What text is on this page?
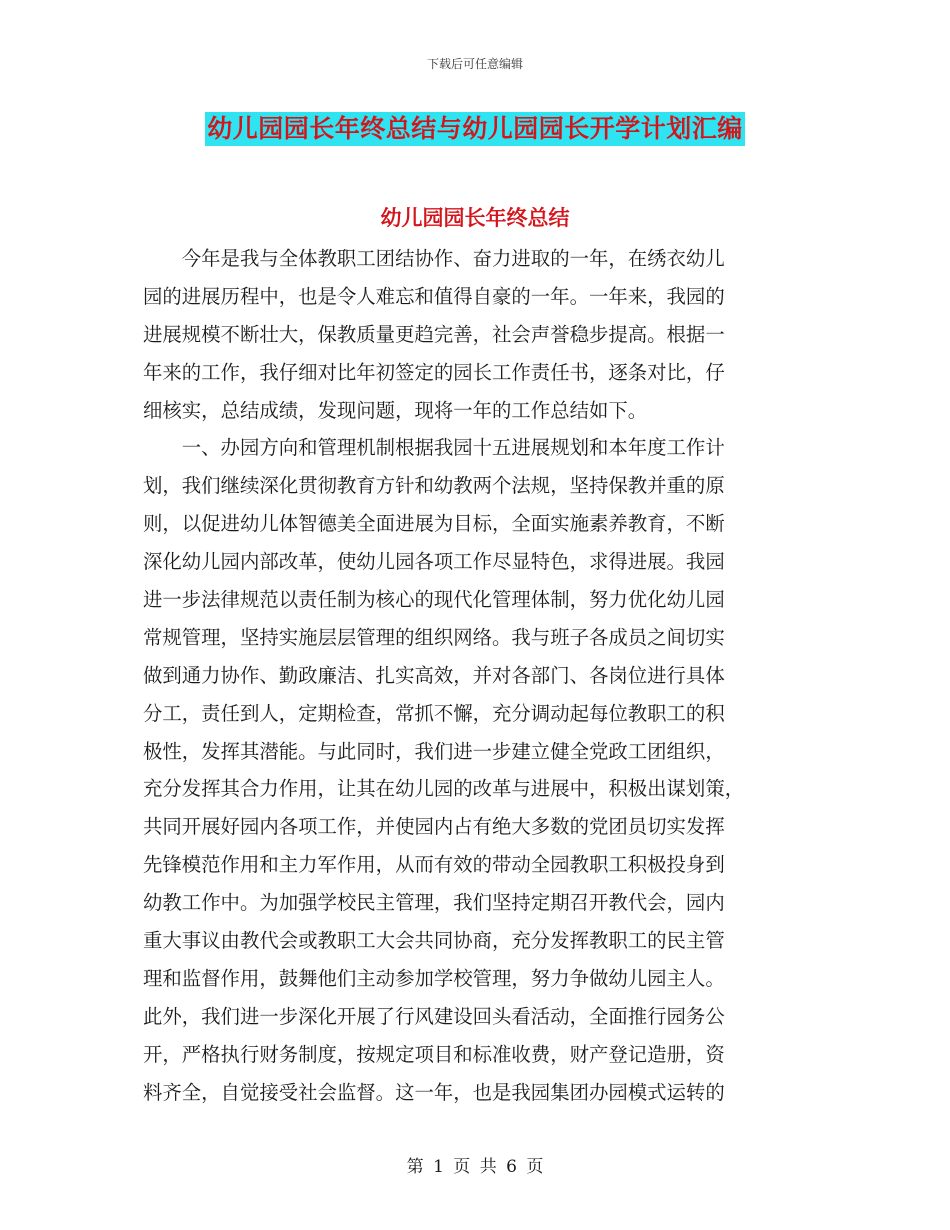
下载后可任意编辑
幼儿园园长年终总结与幼儿园园长开学计划汇编
幼儿园园长年终总结
　　今年是我与全体教职工团结协作、奋力进取的一年，在绣衣幼儿
园的进展历程中，也是令人难忘和值得自豪的一年。一年来，我园的
进展规模不断壮大，保教质量更趋完善，社会声誉稳步提高。根据一
年来的工作，我仔细对比年初签定的园长工作责任书，逐条对比，仔
细核实，总结成绩，发现问题，现将一年的工作总结如下。
　　一、办园方向和管理机制根据我园十五进展规划和本年度工作计
划，我们继续深化贯彻教育方针和幼教两个法规，坚持保教并重的原
则，以促进幼儿体智德美全面进展为目标，全面实施素养教育，不断
深化幼儿园内部改革，使幼儿园各项工作尽显特色，求得进展。我园
进一步法律规范以责任制为核心的现代化管理体制，努力优化幼儿园
常规管理，坚持实施层层管理的组织网络。我与班子各成员之间切实
做到通力协作、勤政廉洁、扎实高效，并对各部门、各岗位进行具体
分工，责任到人，定期检查，常抓不懈，充分调动起每位教职工的积
极性，发挥其潜能。与此同时，我们进一步建立健全党政工团组织，
充分发挥其合力作用，让其在幼儿园的改革与进展中，积极出谋划策，
共同开展好园内各项工作，并使园内占有绝大多数的党团员切实发挥
先锋模范作用和主力军作用，从而有效的带动全园教职工积极投身到
幼教工作中。为加强学校民主管理，我们坚持定期召开教代会，园内
重大事议由教代会或教职工大会共同协商，充分发挥教职工的民主管
理和监督作用，鼓舞他们主动参加学校管理，努力争做幼儿园主人。
此外，我们进一步深化开展了行风建设回头看活动，全面推行园务公
开，严格执行财务制度，按规定项目和标准收费，财产登记造册，资
料齐全，自觉接受社会监督。这一年，也是我园集团办园模式运转的
第 1 页 共 6 页
